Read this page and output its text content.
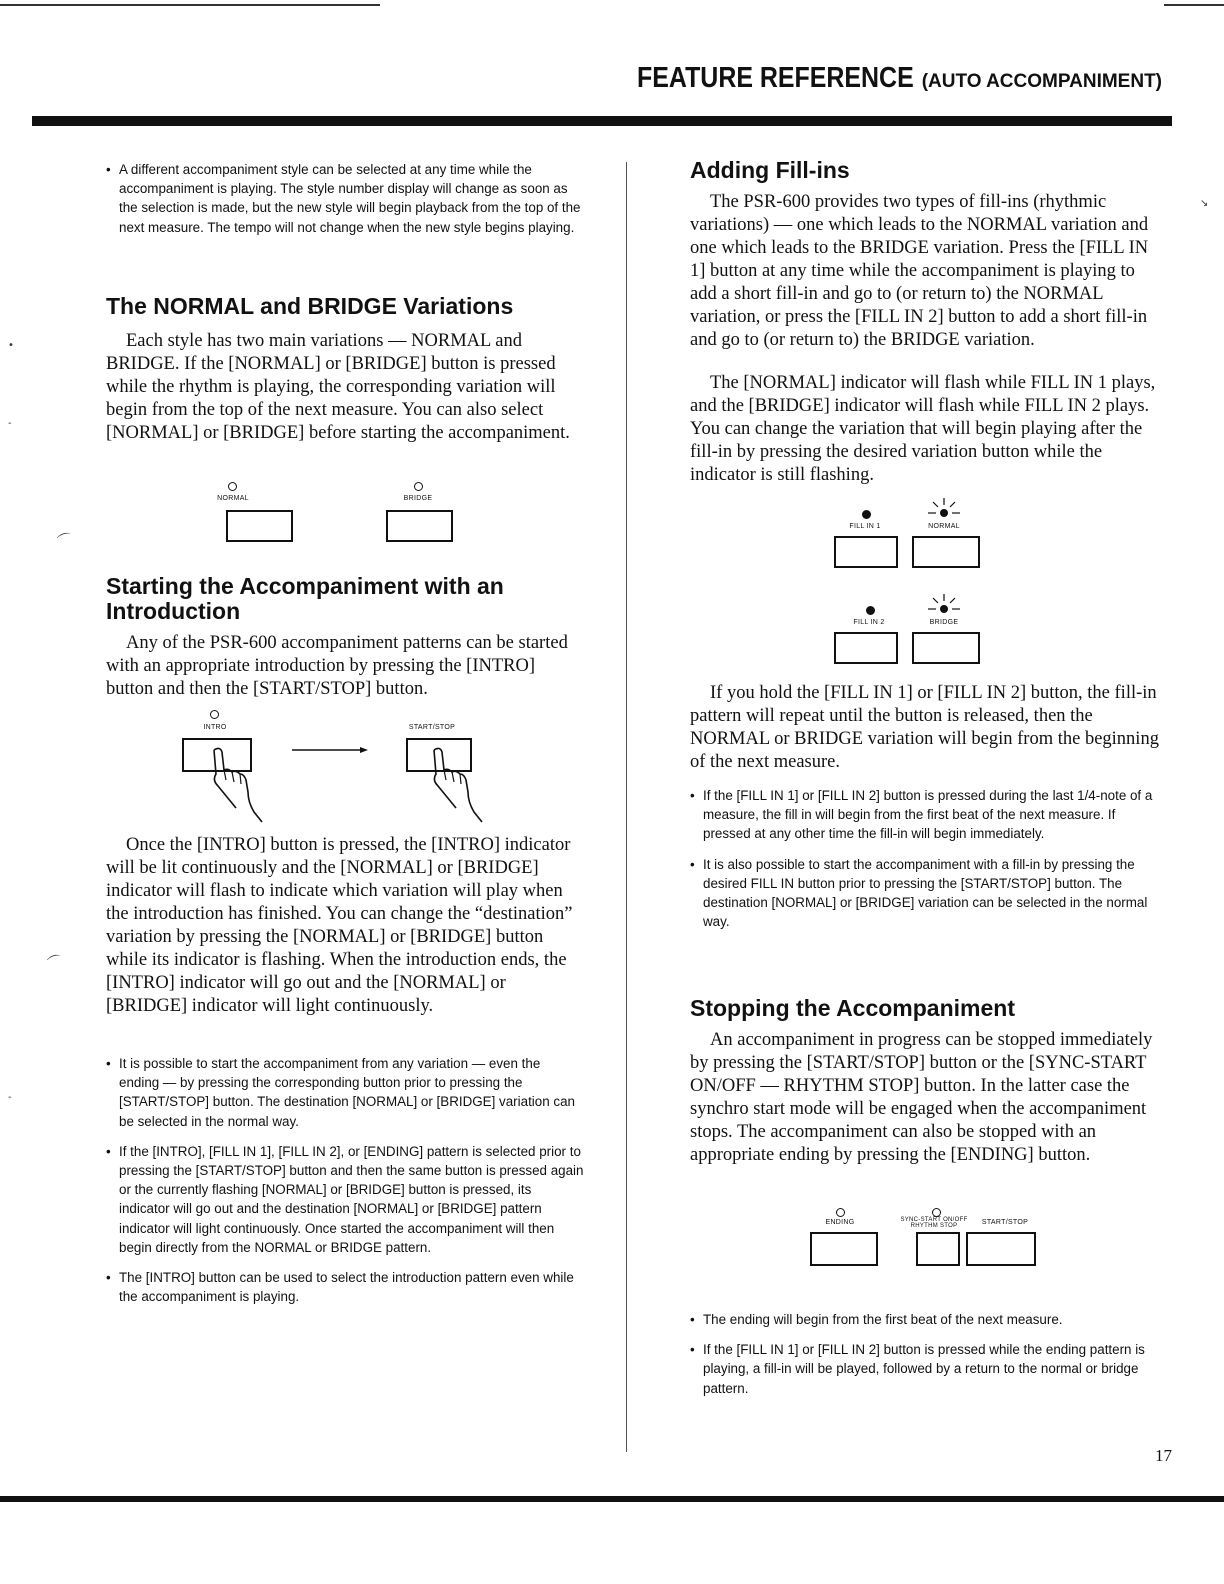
FEATURE REFERENCE (AUTO ACCOMPANIMENT)
•
-
⌒
⌒
-
↘

• A different accompaniment style can be selected at any time while the accompaniment is playing. The style number display will change as soon as the selection is made, but the new style will begin playback from the top of the next measure. The tempo will not change when the new style begins playing.

The NORMAL and BRIDGE Variations

Each style has two main variations — NORMAL and BRIDGE. If the [NORMAL] or [BRIDGE] button is pressed while the rhythm is playing, the corresponding variation will begin from the top of the next measure. You can also select [NORMAL] or [BRIDGE] before starting the accompaniment.

NORMAL	BRIDGE
Starting the Accompaniment with an Introduction

Any of the PSR-600 accompaniment patterns can be started with an appropriate introduction by pressing the [INTRO] button and then the [START/STOP] button.

INTRO	START/STOP

Once the [INTRO] button is pressed, the [INTRO] indicator will be lit continuously and the [NORMAL] or [BRIDGE] indicator will flash to indicate which variation will play when the introduction has finished. You can change the “destination” variation by pressing the [NORMAL] or [BRIDGE] button while its indicator is flashing. When the introduction ends, the [INTRO] indicator will go out and the [NORMAL] or [BRIDGE] indicator will light continuously.

• It is possible to start the accompaniment from any variation — even the ending — by pressing the corresponding button prior to pressing the [START/STOP] button. The destination [NORMAL] or [BRIDGE] variation can be selected in the normal way.

• If the [INTRO], [FILL IN 1], [FILL IN 2], or [ENDING] pattern is selected prior to pressing the [START/STOP] button and then the same button is pressed again or the currently flashing [NORMAL] or [BRIDGE] button is pressed, its indicator will go out and the destination [NORMAL] or [BRIDGE] pattern indicator will light continuously. Once started the accompaniment will then begin directly from the NORMAL or BRIDGE pattern.

• The [INTRO] button can be used to select the introduction pattern even while the accompaniment is playing.

Adding Fill-ins

The PSR-600 provides two types of fill-ins (rhythmic variations) — one which leads to the NORMAL variation and one which leads to the BRIDGE variation. Press the [FILL IN 1] button at any time while the accompaniment is playing to add a short fill-in and go to (or return to) the NORMAL variation, or press the [FILL IN 2] button to add a short fill-in and go to (or return to) the BRIDGE variation.

The [NORMAL] indicator will flash while FILL IN 1 plays, and the [BRIDGE] indicator will flash while FILL IN 2 plays. You can change the variation that will begin playing after the fill-in by pressing the desired variation button while the indicator is still flashing.

FILL IN 1	NORMAL
FILL IN 2	BRIDGE

If you hold the [FILL IN 1] or [FILL IN 2] button, the fill-in pattern will repeat until the button is released, then the NORMAL or BRIDGE variation will begin from the beginning of the next measure.

• If the [FILL IN 1] or [FILL IN 2] button is pressed during the last 1/4-note of a measure, the fill in will begin from the first beat of the next measure. If pressed at any other time the fill-in will begin immediately.

• It is also possible to start the accompaniment with a fill-in by pressing the desired FILL IN button prior to pressing the [START/STOP] button. The destination [NORMAL] or [BRIDGE] variation can be selected in the normal way.

Stopping the Accompaniment

An accompaniment in progress can be stopped immediately by pressing the [START/STOP] button or the [SYNC-START ON/OFF — RHYTHM STOP] button. In the latter case the synchro start mode will be engaged when the accompaniment stops. The accompaniment can also be stopped with an appropriate ending by pressing the [ENDING] button.

ENDING	SYNC-START ON/OFF
RHYTHM STOP	START/STOP

• The ending will begin from the first beat of the next measure.

• If the [FILL IN 1] or [FILL IN 2] button is pressed while the ending pattern is playing, a fill-in will be played, followed by a return to the normal or bridge pattern.

17
